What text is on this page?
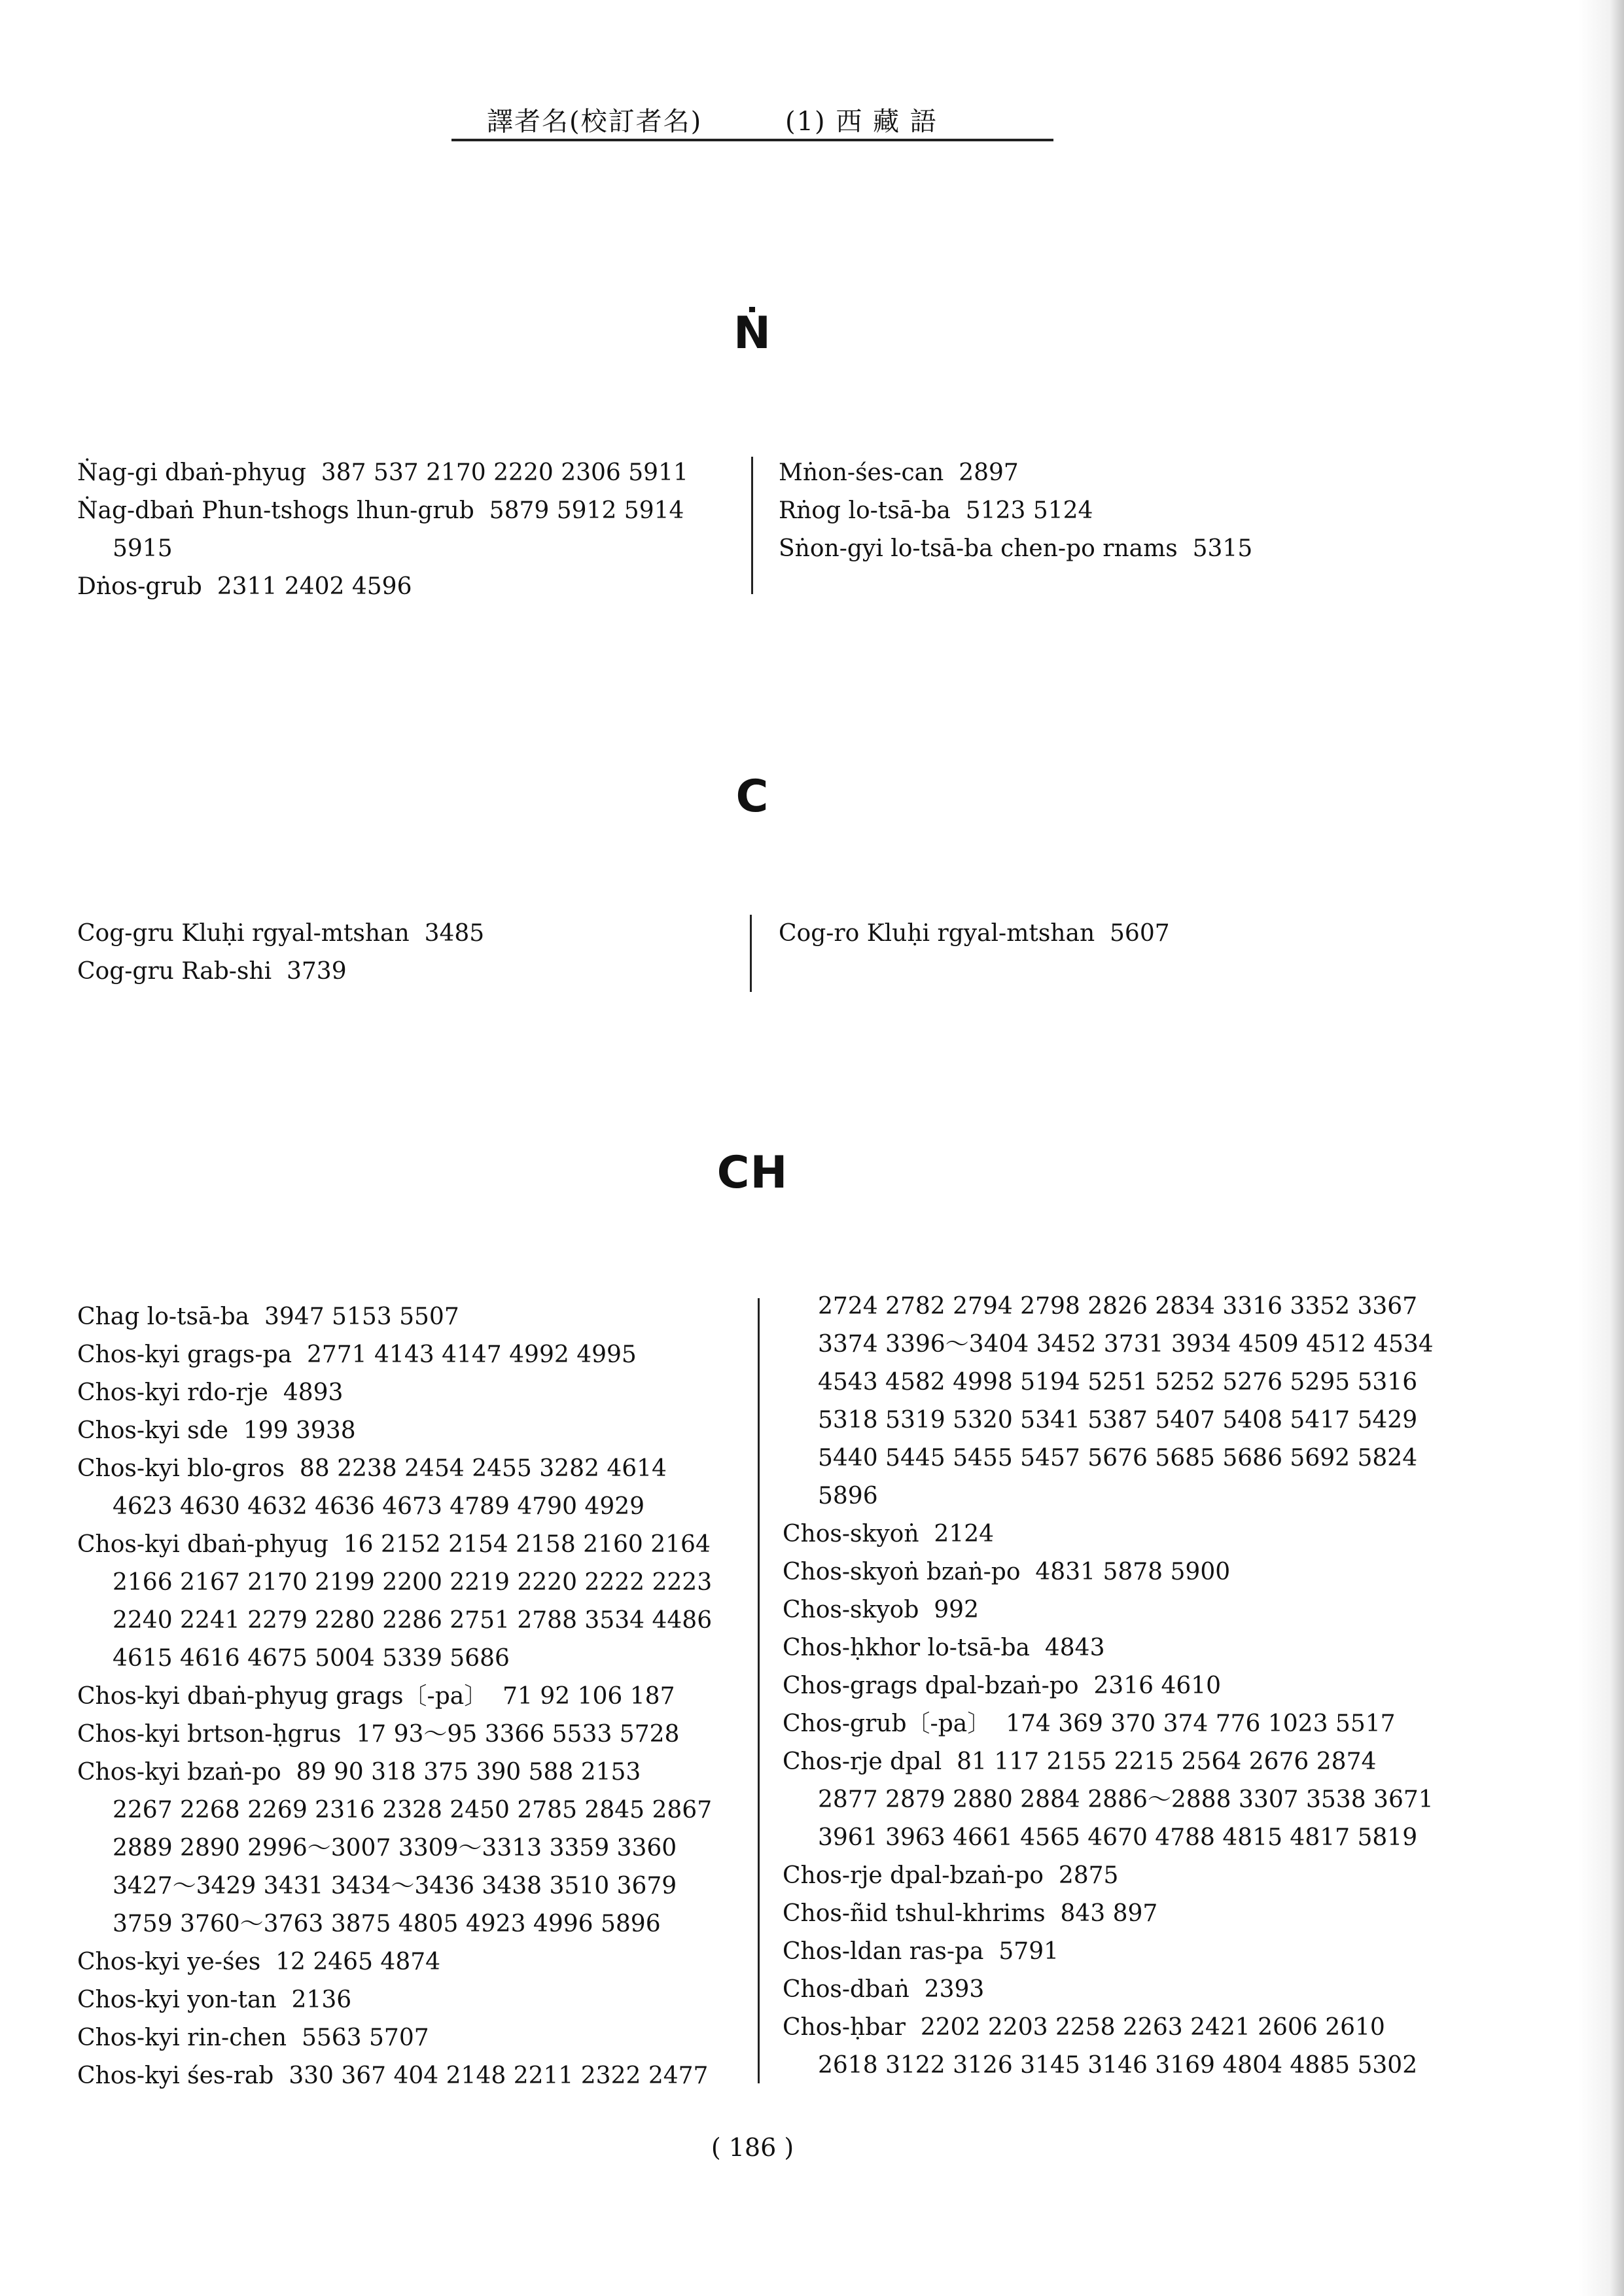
譯者名(校訂者名)	(1) 西 藏 語
Ṅ
Ṅag-gi dbaṅ-phyug 387 537 2170 2220 2306 5911
Ṅag-dbaṅ Phun-tshogs lhun-grub 5879 5912 5914
5915
Dṅos-grub 2311 2402 4596
Mṅon-śes-can 2897
Rṅog lo-tsā-ba 5123 5124
Sṅon-gyi lo-tsā-ba chen-po rnams 5315
C
Cog-gru Kluḥi rgyal-mtshan 3485
Cog-gru Rab-shi 3739
Cog-ro Kluḥi rgyal-mtshan 5607
CH
Chag lo-tsā-ba 3947 5153 5507
Chos-kyi grags-pa 2771 4143 4147 4992 4995
Chos-kyi rdo-rje 4893
Chos-kyi sde 199 3938
Chos-kyi blo-gros 88 2238 2454 2455 3282 4614
4623 4630 4632 4636 4673 4789 4790 4929
Chos-kyi dbaṅ-phyug 16 2152 2154 2158 2160 2164
2166 2167 2170 2199 2200 2219 2220 2222 2223
2240 2241 2279 2280 2286 2751 2788 3534 4486
4615 4616 4675 5004 5339 5686
Chos-kyi dbaṅ-phyug grags〔-pa〕 71 92 106 187
Chos-kyi brtson-ḥgrus 17 93〜95 3366 5533 5728
Chos-kyi bzaṅ-po 89 90 318 375 390 588 2153
2267 2268 2269 2316 2328 2450 2785 2845 2867
2889 2890 2996〜3007 3309〜3313 3359 3360
3427〜3429 3431 3434〜3436 3438 3510 3679
3759 3760〜3763 3875 4805 4923 4996 5896
Chos-kyi ye-śes 12 2465 4874
Chos-kyi yon-tan 2136
Chos-kyi rin-chen 5563 5707
Chos-kyi śes-rab 330 367 404 2148 2211 2322 2477
2724 2782 2794 2798 2826 2834 3316 3352 3367
3374 3396〜3404 3452 3731 3934 4509 4512 4534
4543 4582 4998 5194 5251 5252 5276 5295 5316
5318 5319 5320 5341 5387 5407 5408 5417 5429
5440 5445 5455 5457 5676 5685 5686 5692 5824
5896
Chos-skyoṅ 2124
Chos-skyoṅ bzaṅ-po 4831 5878 5900
Chos-skyob 992
Chos-ḥkhor lo-tsā-ba 4843
Chos-grags dpal-bzaṅ-po 2316 4610
Chos-grub〔-pa〕 174 369 370 374 776 1023 5517
Chos-rje dpal 81 117 2155 2215 2564 2676 2874
2877 2879 2880 2884 2886〜2888 3307 3538 3671
3961 3963 4661 4565 4670 4788 4815 4817 5819
Chos-rje dpal-bzaṅ-po 2875
Chos-ñid tshul-khrims 843 897
Chos-ldan ras-pa 5791
Chos-dbaṅ 2393
Chos-ḥbar 2202 2203 2258 2263 2421 2606 2610
2618 3122 3126 3145 3146 3169 4804 4885 5302
( 186 )
